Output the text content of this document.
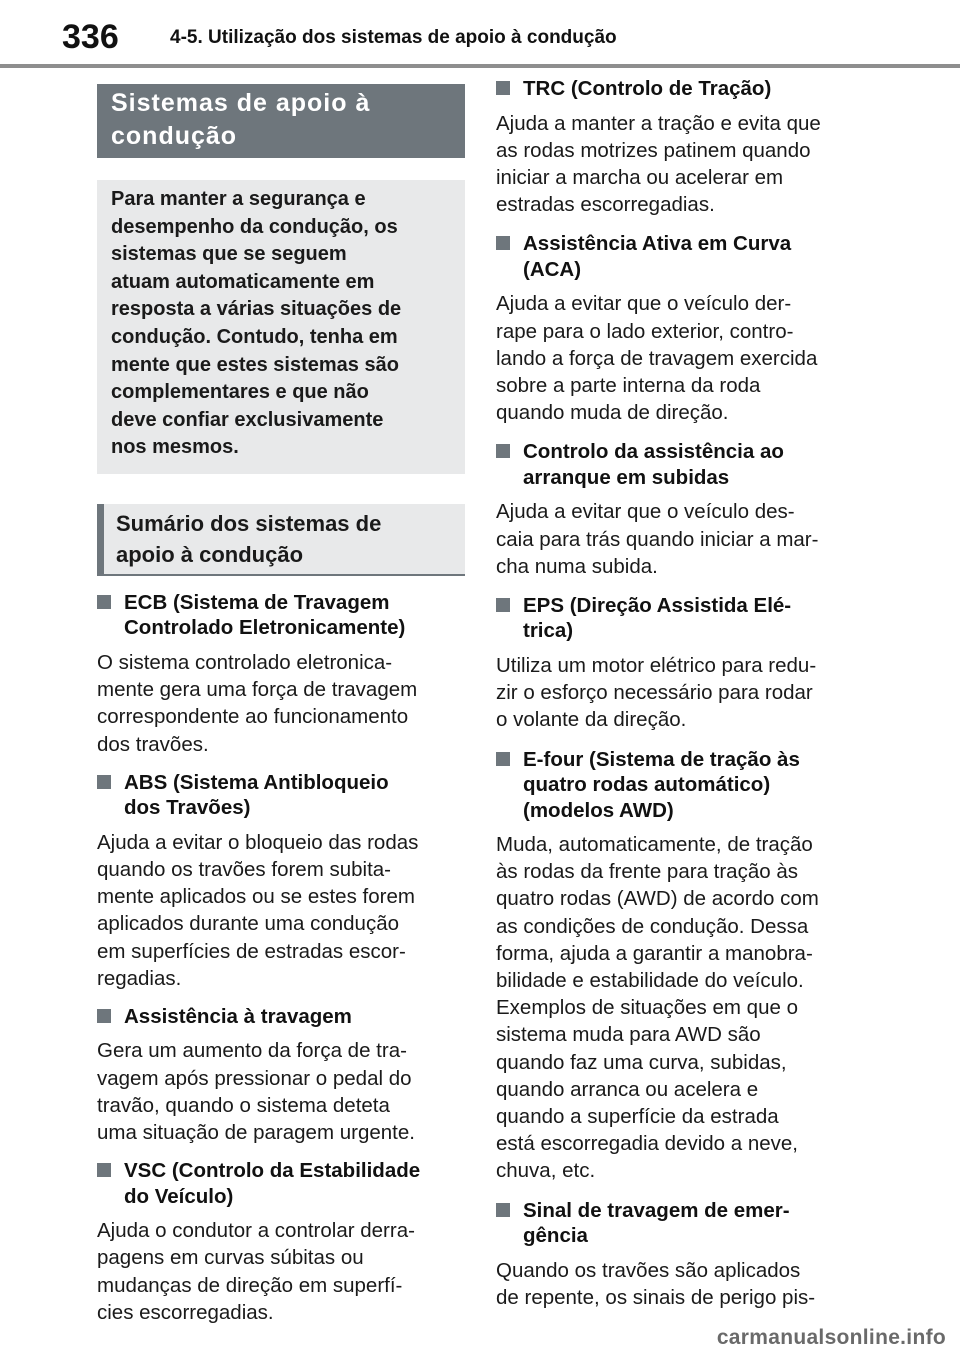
336	4-5. Utilização dos sistemas de apoio à condução
Sistemas de apoio à
condução
Para manter a segurança e
desempenho da condução, os
sistemas que se seguem
atuam automaticamente em
resposta a várias situações de
condução. Contudo, tenha em
mente que estes sistemas são
complementares e que não
deve confiar exclusivamente
nos mesmos.
Sumário dos sistemas de
apoio à condução
ECB (Sistema de Travagem
Controlado Eletronicamente)
O sistema controlado eletronica-
mente gera uma força de travagem
correspondente ao funcionamento
dos travões.
ABS (Sistema Antibloqueio
dos Travões)
Ajuda a evitar o bloqueio das rodas
quando os travões forem subita-
mente aplicados ou se estes forem
aplicados durante uma condução
em superfícies de estradas escor-
regadias.
Assistência à travagem
Gera um aumento da força de tra-
vagem após pressionar o pedal do
travão, quando o sistema deteta
uma situação de paragem urgente.
VSC (Controlo da Estabilidade
do Veículo)
Ajuda o condutor a controlar derra-
pagens em curvas súbitas ou
mudanças de direção em superfí-
cies escorregadias.
TRC (Controlo de Tração)
Ajuda a manter a tração e evita que
as rodas motrizes patinem quando
iniciar a marcha ou acelerar em
estradas escorregadias.
Assistência Ativa em Curva
(ACA)
Ajuda a evitar que o veículo der-
rape para o lado exterior, contro-
lando a força de travagem exercida
sobre a parte interna da roda
quando muda de direção.
Controlo da assistência ao
arranque em subidas
Ajuda a evitar que o veículo des-
caia para trás quando iniciar a mar-
cha numa subida.
EPS (Direção Assistida Elé-
trica)
Utiliza um motor elétrico para redu-
zir o esforço necessário para rodar
o volante da direção.
E-four (Sistema de tração às
quatro rodas automático)
(modelos AWD)
Muda, automaticamente, de tração
às rodas da frente para tração às
quatro rodas (AWD) de acordo com
as condições de condução. Dessa
forma, ajuda a garantir a manobra-
bilidade e estabilidade do veículo.
Exemplos de situações em que o
sistema muda para AWD são
quando faz uma curva, subidas,
quando arranca ou acelera e
quando a superfície da estrada
está escorregadia devido a neve,
chuva, etc.
Sinal de travagem de emer-
gência
Quando os travões são aplicados
de repente, os sinais de perigo pis-
carmanualsonline.info
